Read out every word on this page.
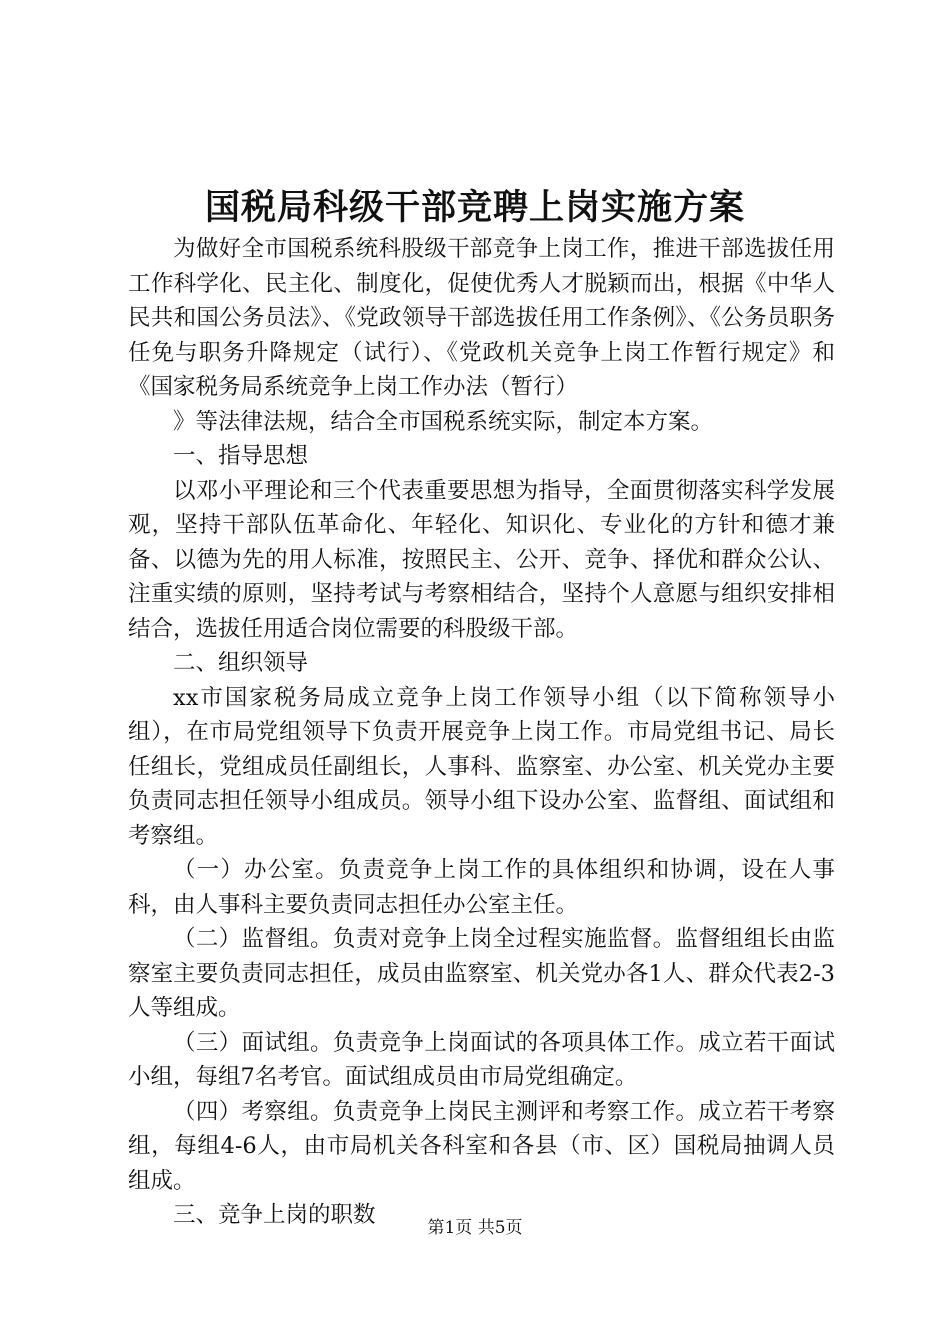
国税局科级干部竞聘上岗实施方案

为做好全市国税系统科股级干部竞争上岗工作，推进干部选拔任用工作科学化、民主化、制度化，促使优秀人才脱颖而出，根据《中华人民共和国公务员法》、《党政领导干部选拔任用工作条例》、《公务员职务任免与职务升降规定（试行）、《党政机关竞争上岗工作暂行规定》和《国家税务局系统竞争上岗工作办法（暂行）

》等法律法规，结合全市国税系统实际，制定本方案。

一、指导思想

以邓小平理论和三个代表重要思想为指导，全面贯彻落实科学发展观，坚持干部队伍革命化、年轻化、知识化、专业化的方针和德才兼备、以德为先的用人标准，按照民主、公开、竞争、择优和群众公认、注重实绩的原则，坚持考试与考察相结合，坚持个人意愿与组织安排相结合，选拔任用适合岗位需要的科股级干部。

二、组织领导

xx市国家税务局成立竞争上岗工作领导小组（以下简称领导小组），在市局党组领导下负责开展竞争上岗工作。市局党组书记、局长任组长，党组成员任副组长，人事科、监察室、办公室、机关党办主要负责同志担任领导小组成员。领导小组下设办公室、监督组、面试组和考察组。

（一）办公室。负责竞争上岗工作的具体组织和协调，设在人事科，由人事科主要负责同志担任办公室主任。

（二）监督组。负责对竞争上岗全过程实施监督。监督组组长由监察室主要负责同志担任，成员由监察室、机关党办各1人、群众代表2-3人等组成。

（三）面试组。负责竞争上岗面试的各项具体工作。成立若干面试小组，每组7名考官。面试组成员由市局党组确定。

（四）考察组。负责竞争上岗民主测评和考察工作。成立若干考察组，每组4-6人，由市局机关各科室和各县（市、区）国税局抽调人员组成。

三、竞争上岗的职数	第1页 共5页
